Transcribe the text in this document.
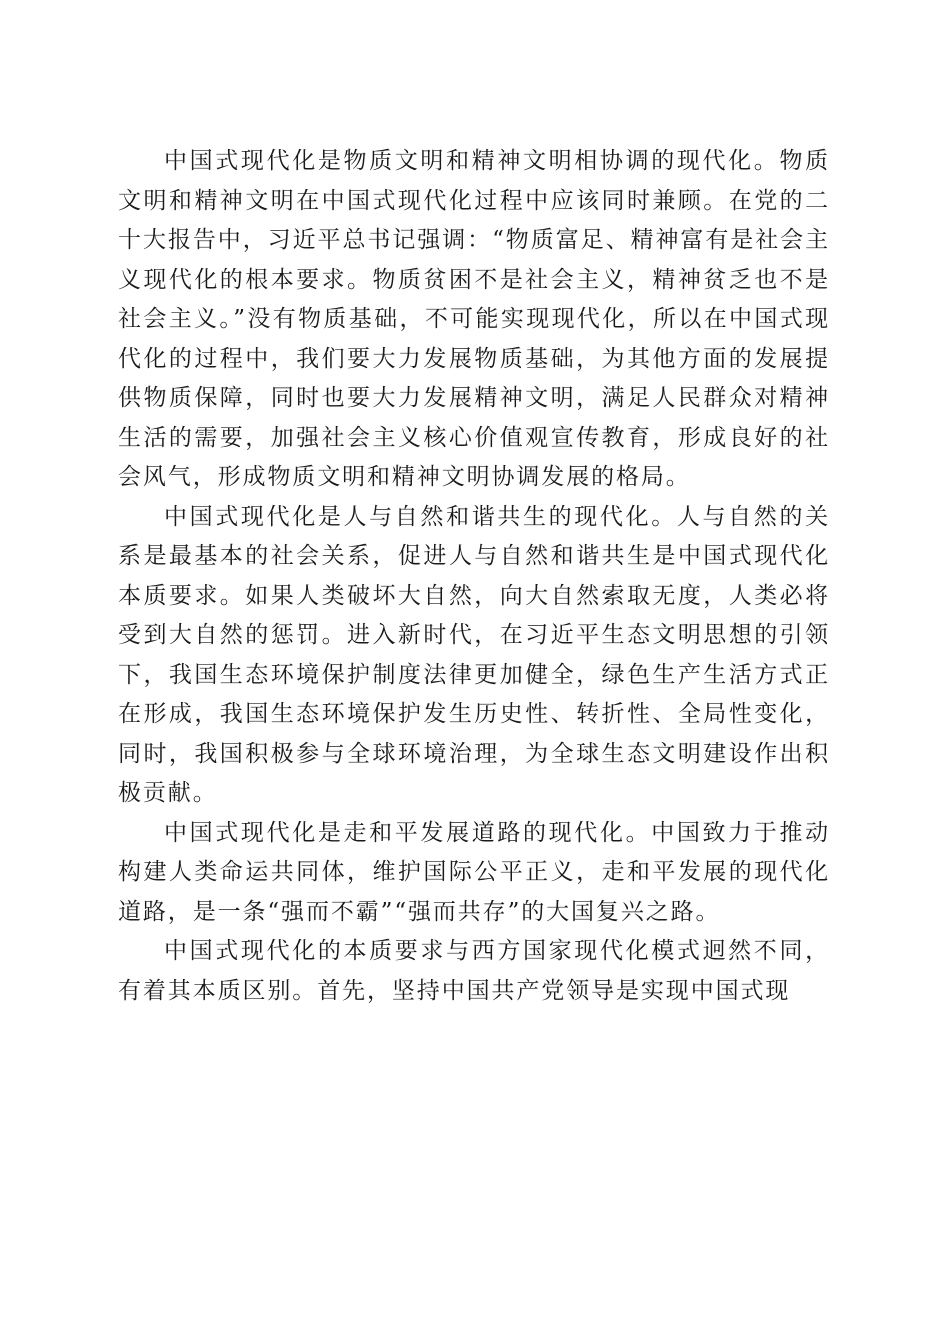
中国式现代化是物质文明和精神文明相协调的现代化。物质文明和精神文明在中国式现代化过程中应该同时兼顾。在党的二十大报告中，习近平总书记强调：“物质富足、精神富有是社会主义现代化的根本要求。物质贫困不是社会主义，精神贫乏也不是社会主义。”没有物质基础，不可能实现现代化，所以在中国式现代化的过程中，我们要大力发展物质基础，为其他方面的发展提供物质保障，同时也要大力发展精神文明，满足人民群众对精神生活的需要，加强社会主义核心价值观宣传教育，形成良好的社会风气，形成物质文明和精神文明协调发展的格局。

中国式现代化是人与自然和谐共生的现代化。人与自然的关系是最基本的社会关系，促进人与自然和谐共生是中国式现代化本质要求。如果人类破坏大自然，向大自然索取无度，人类必将受到大自然的惩罚。进入新时代，在习近平生态文明思想的引领下，我国生态环境保护制度法律更加健全，绿色生产生活方式正在形成，我国生态环境保护发生历史性、转折性、全局性变化，同时，我国积极参与全球环境治理，为全球生态文明建设作出积极贡献。

中国式现代化是走和平发展道路的现代化。中国致力于推动构建人类命运共同体，维护国际公平正义，走和平发展的现代化道路，是一条“强而不霸”“强而共存”的大国复兴之路。

中国式现代化的本质要求与西方国家现代化模式迥然不同，有着其本质区别。首先，坚持中国共产党领导是实现中国式现
